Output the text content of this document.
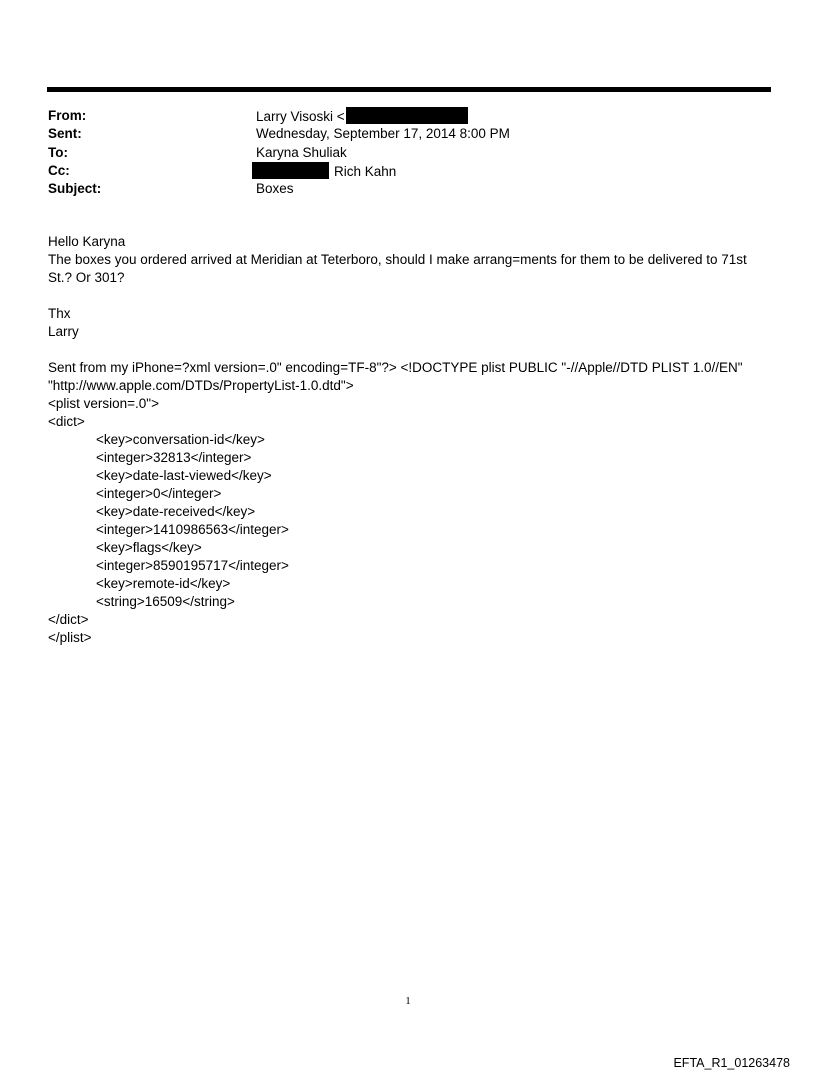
From:	Larry Visoski <
Sent:	Wednesday, September 17, 2014 8:00 PM
To:	Karyna Shuliak
Cc:	Rich Kahn
Subject:	Boxes
Hello Karyna
The boxes you ordered arrived at Meridian at Teterboro, should I make arrang=ments for them to be delivered to 71st
St.? Or 301?
Thx
Larry
Sent from my iPhone=?xml version=.0" encoding=TF-8"?> <!DOCTYPE plist PUBLIC "-//Apple//DTD PLIST 1.0//EN"
"http://www.apple.com/DTDs/PropertyList-1.0.dtd">
<plist version=.0">
<dict>
<key>conversation-id</key>
<integer>32813</integer>
<key>date-last-viewed</key>
<integer>0</integer>
<key>date-received</key>
<integer>1410986563</integer>
<key>flags</key>
<integer>8590195717</integer>
<key>remote-id</key>
<string>16509</string>
</dict>
</plist>
1
EFTA_R1_01263478
